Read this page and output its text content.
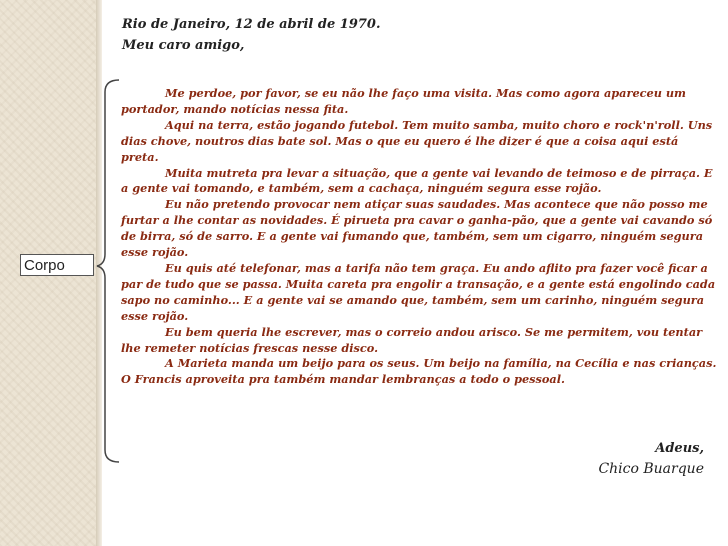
Rio de Janeiro, 12 de abril de 1970.
Meu caro amigo,

Me perdoe, por favor, se eu não lhe faço uma visita. Mas como agora apareceu um portador, mando notícias nessa fita.

Aqui na terra, estão jogando futebol. Tem muito samba, muito choro e rock'n'roll. Uns dias chove, noutros dias bate sol. Mas o que eu quero é lhe dizer é que a coisa aqui está preta.

Muita mutreta pra levar a situação, que a gente vai levando de teimoso e de pirraça. E a gente vai tomando, e também, sem a cachaça, ninguém segura esse rojão.

Eu não pretendo provocar nem atiçar suas saudades. Mas acontece que não posso me furtar a lhe contar as novidades. É pirueta pra cavar o ganha-pão, que a gente vai cavando só de birra, só de sarro. E a gente vai fumando que, também, sem um cigarro, ninguém segura esse rojão.

Eu quis até telefonar, mas a tarifa não tem graça. Eu ando aflito pra fazer você ficar a par de tudo que se passa. Muita careta pra engolir a transação, e a gente está engolindo cada sapo no caminho... E a gente vai se amando que, também, sem um carinho, ninguém segura esse rojão.

Eu bem queria lhe escrever, mas o correio andou arisco. Se me permitem, vou tentar lhe remeter notícias frescas nesse disco.

A Marieta manda um beijo para os seus. Um beijo na família, na Cecília e nas crianças. O Francis aproveita pra também mandar lembranças a todo o pessoal.

Corpo
Adeus,
Chico Buarque
